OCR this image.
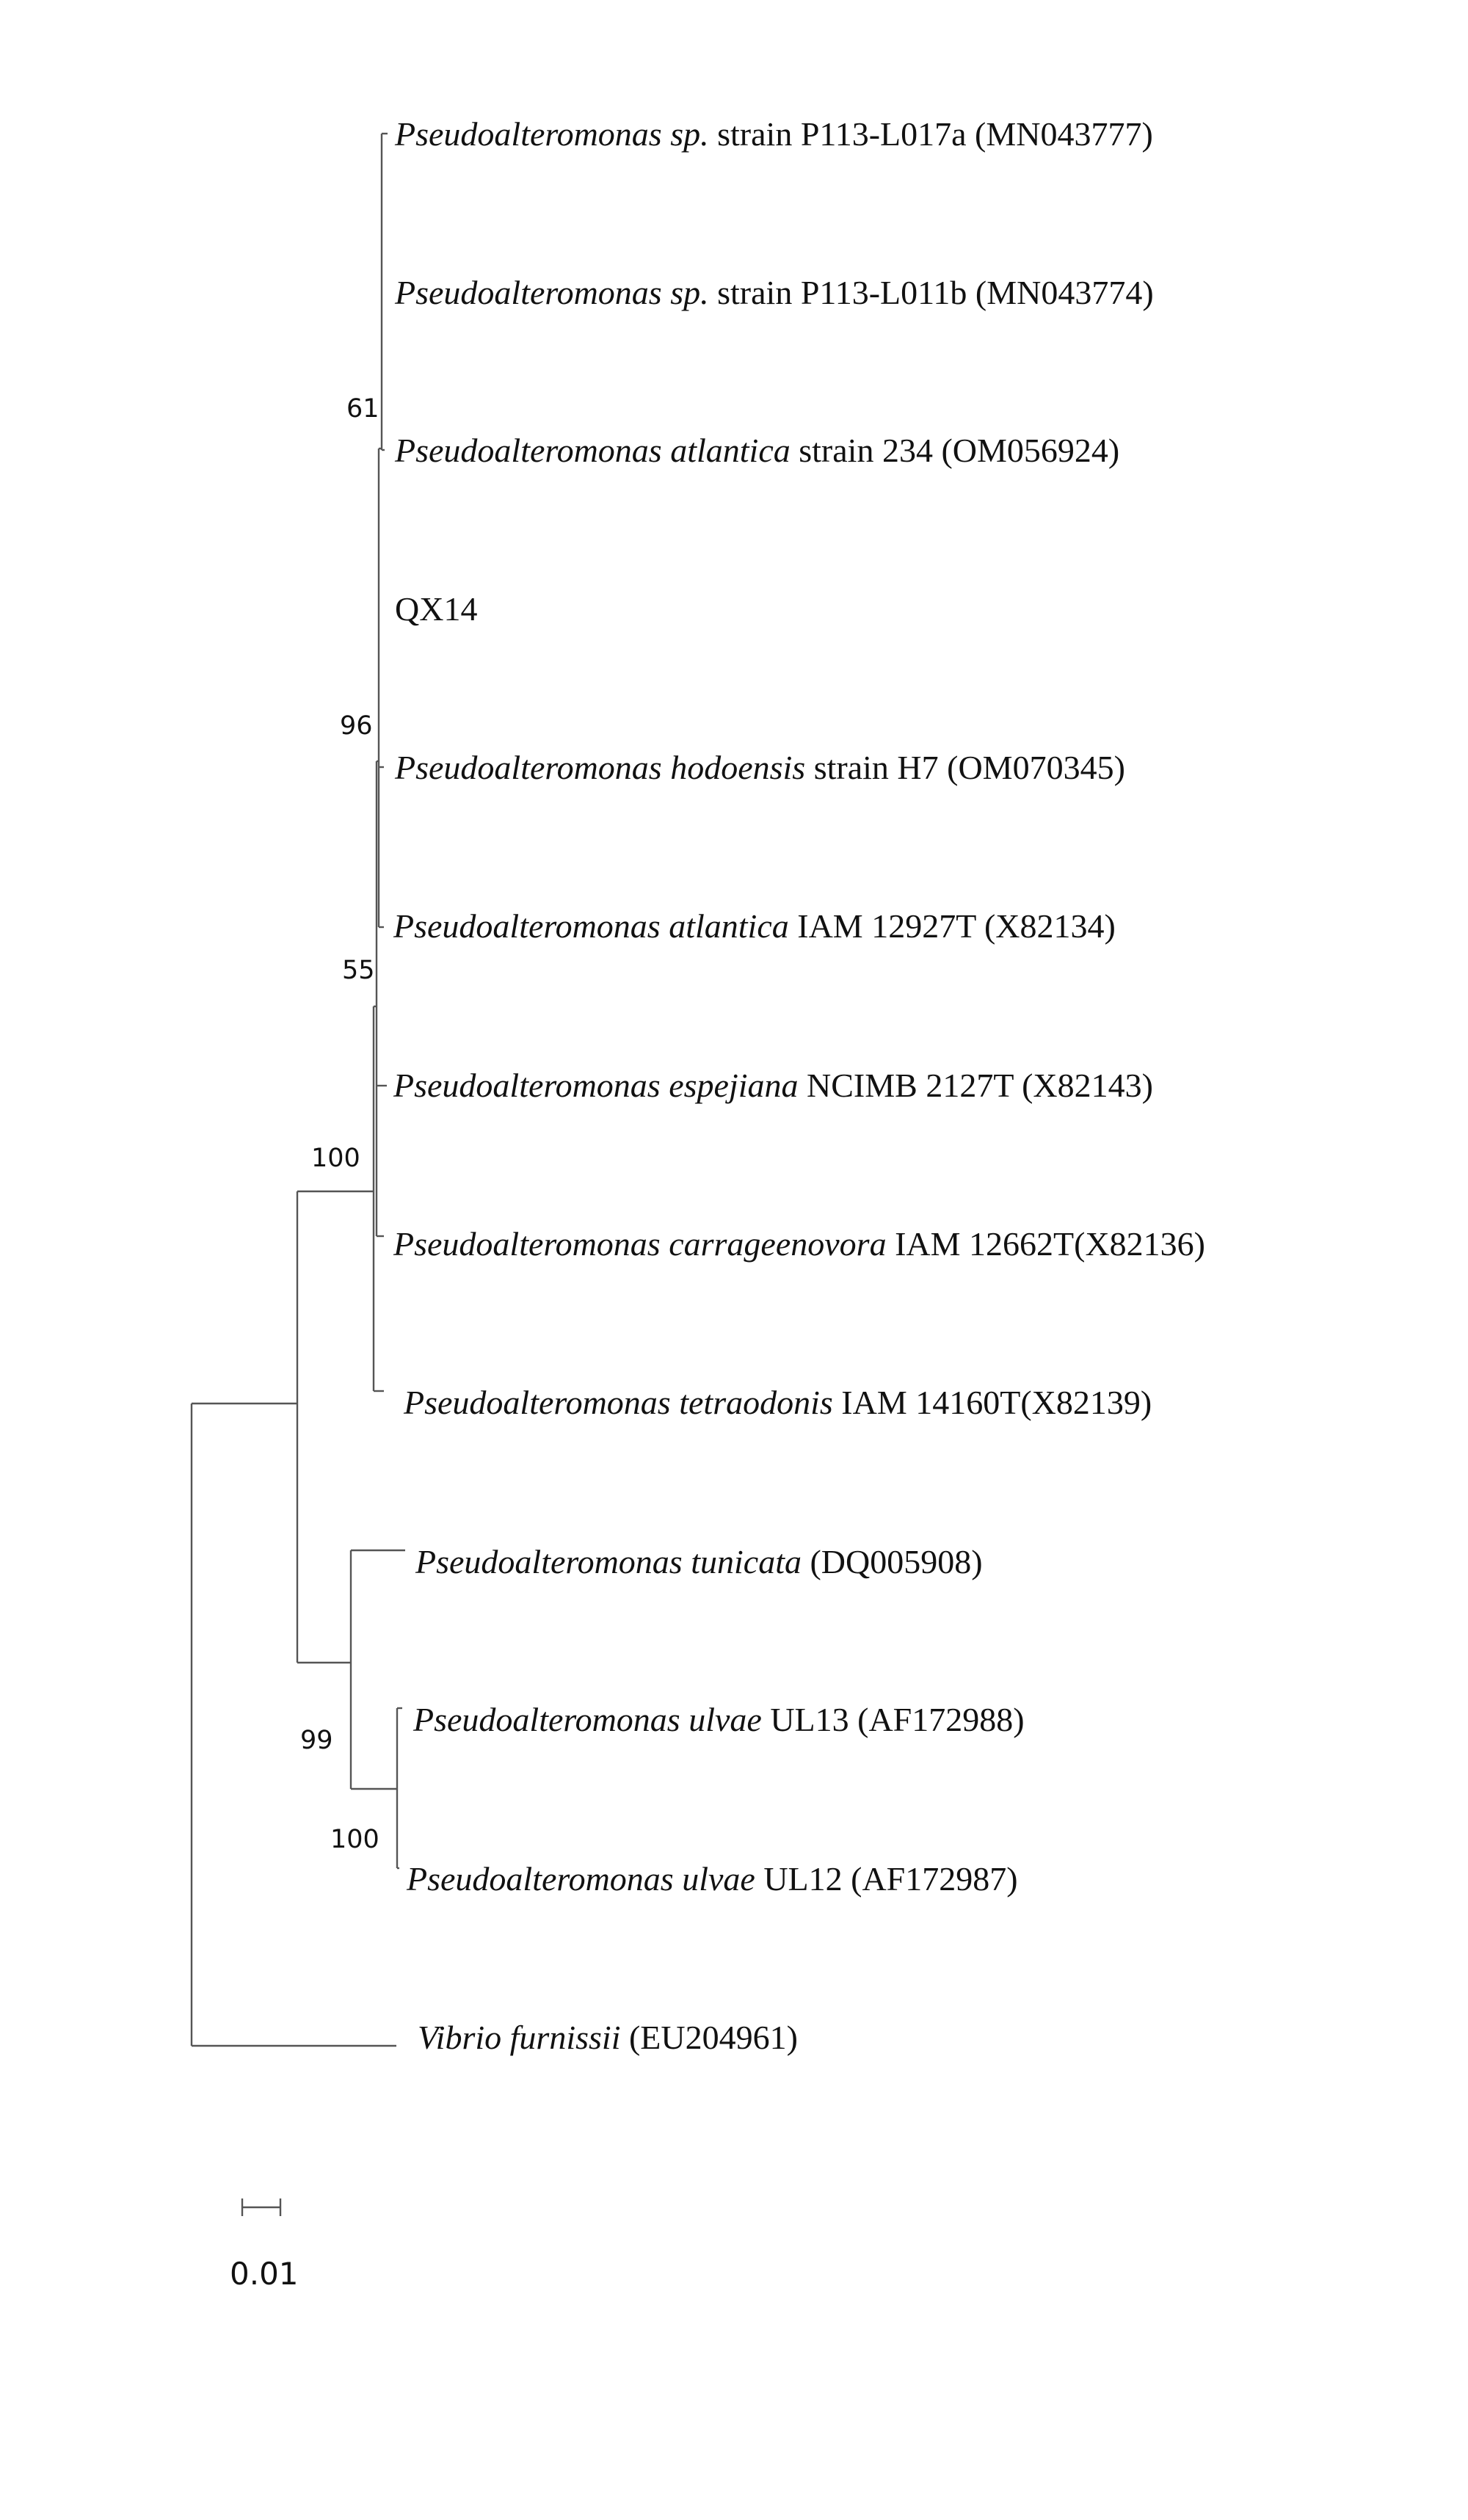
Pseudoalteromonas sp. strain P113-L017a (MN043777)
Pseudoalteromonas sp. strain P113-L011b (MN043774)
Pseudoalteromonas atlantica strain 234 (OM056924)
QX14
Pseudoalteromonas hodoensis strain H7 (OM070345)
Pseudoalteromonas atlantica IAM 12927T (X82134)
Pseudoalteromonas espejiana NCIMB 2127T (X82143)
Pseudoalteromonas carrageenovora IAM 12662T(X82136)
Pseudoalteromonas tetraodonis IAM 14160T(X82139)
Pseudoalteromonas tunicata (DQ005908)
Pseudoalteromonas ulvae UL13 (AF172988)
Pseudoalteromonas ulvae UL12 (AF172987)
Vibrio furnissii (EU204961)
61
96
55
100
99
100
0.01
